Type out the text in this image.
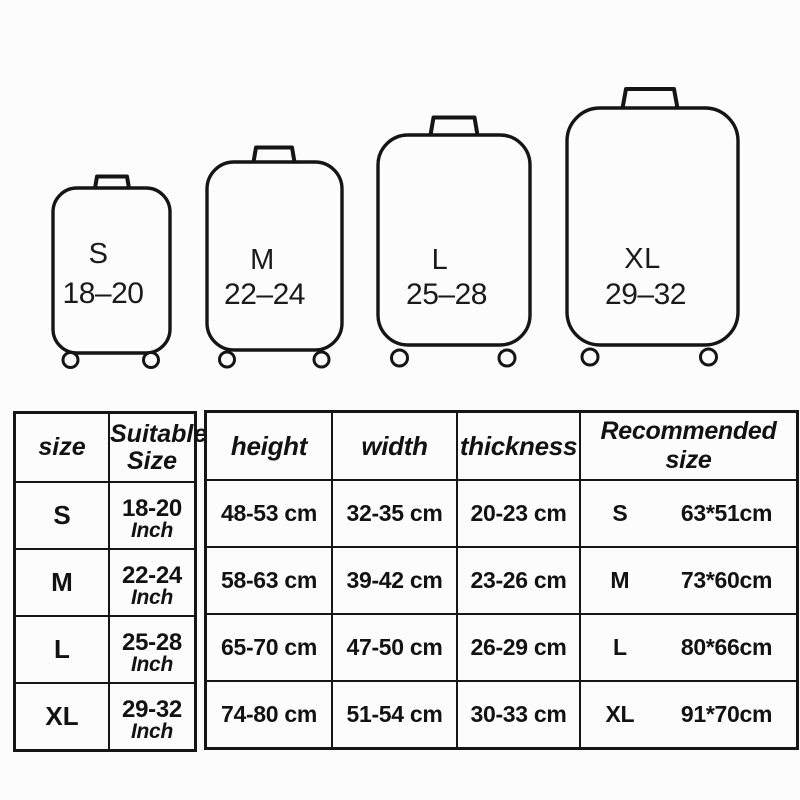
S
18–20
M
22–24
L
25–28
XL
29–32
size	Suitable Size
S	18-20
Inch

M	22-24
Inch

L	25-28
Inch

XL	29-32
Inch
height	width	thickness	Recommended size
48-53 cm	32-35 cm	20-23 cm	S 63*51cm

58-63 cm	39-42 cm	23-26 cm	M 73*60cm

65-70 cm	47-50 cm	26-29 cm	L 80*66cm

74-80 cm	51-54 cm	30-33 cm	XL 91*70cm
